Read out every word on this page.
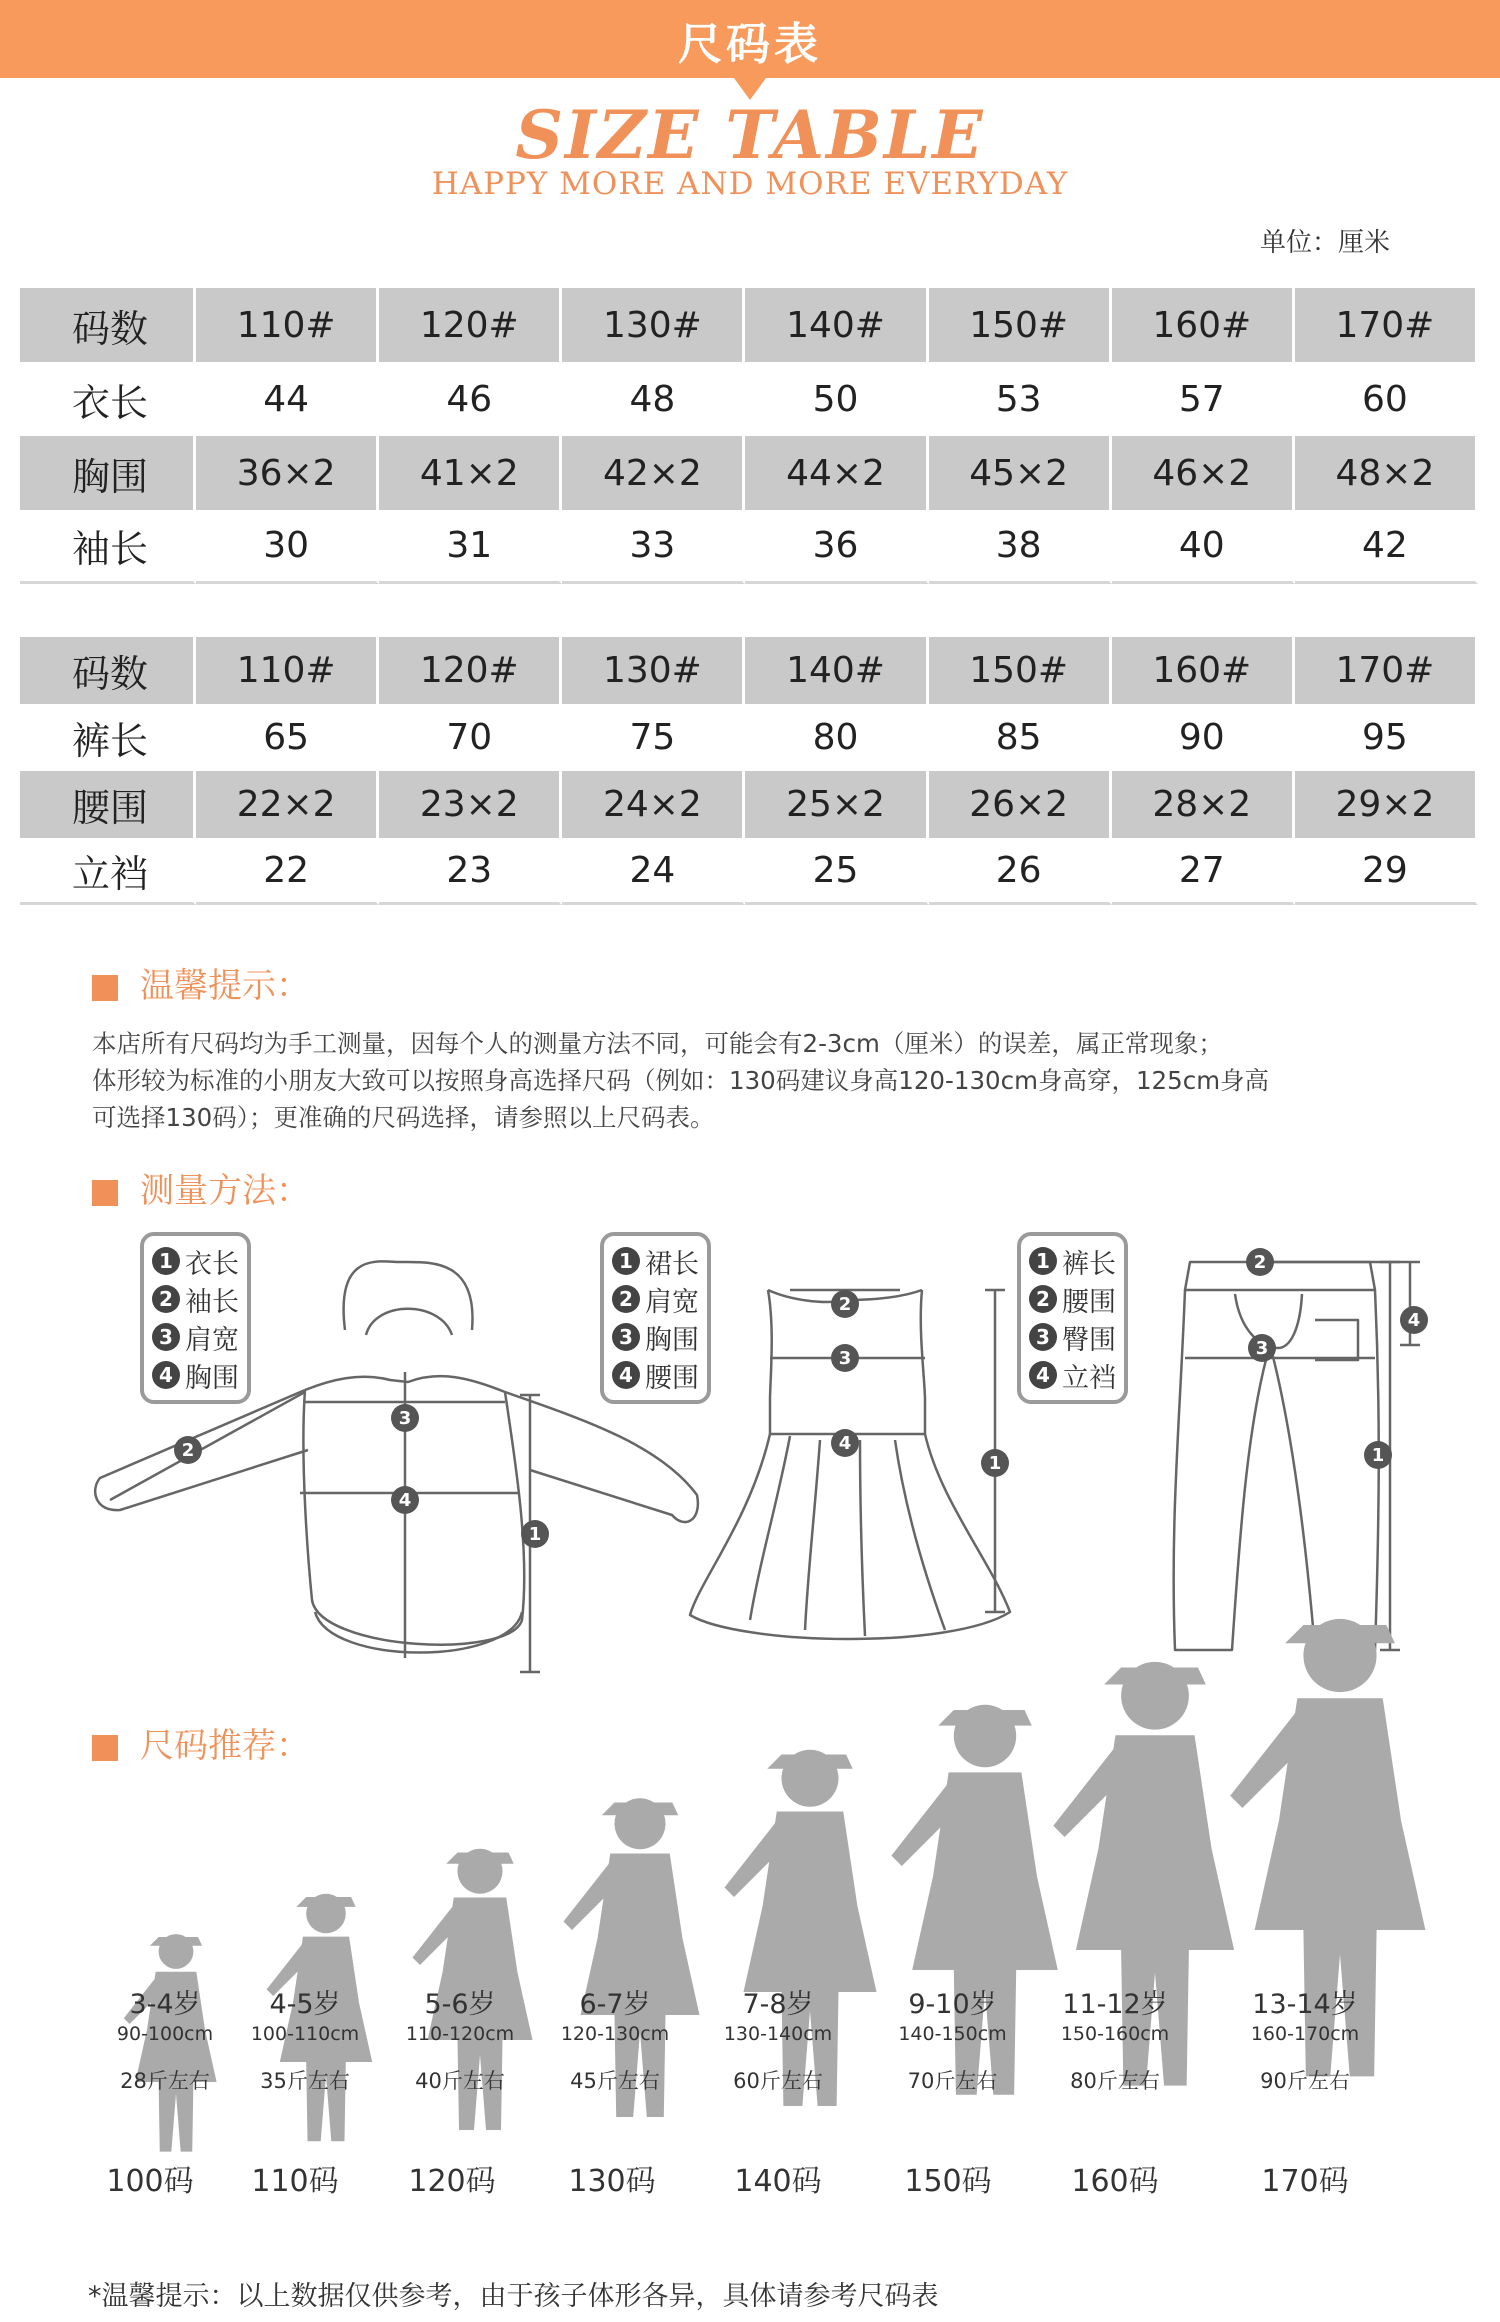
尺码表
SIZE TABLE
HAPPY MORE AND MORE EVERYDAY
单位：厘米
码数	110#	120#	130#	140#	150#	160#	170#
衣长	44	46	48	50	53	57	60
胸围	36×2	41×2	42×2	44×2	45×2	46×2	48×2
袖长	30	31	33	36	38	40	42
码数	110#	120#	130#	140#	150#	160#	170#
裤长	65	70	75	80	85	90	95
腰围	22×2	23×2	24×2	25×2	26×2	28×2	29×2
立裆	22	23	24	25	26	27	29
温馨提示：

本店所有尺码均为手工测量，因每个人的测量方法不同，可能会有2-3cm（厘米）的误差，属正常现象；

体形较为标准的小朋友大致可以按照身高选择尺码（例如：130码建议身高120-130cm身高穿，125cm身高

可选择130码）；更准确的尺码选择，请参照以上尺码表。

测量方法：
1
2
3
4
1
2
3
4
1
2
3
4
1 衣长
2 袖长
3 肩宽
4 胸围
1 裙长
2 肩宽
3 胸围
4 腰围
1 裤长
2 腰围
3 臀围
4 立裆
尺码推荐：
3-4岁
90-100cm
28斤左右
4-5岁
100-110cm
35斤左右
5-6岁
110-120cm
40斤左右
6-7岁
120-130cm
45斤左右
7-8岁
130-140cm
60斤左右
9-10岁
140-150cm
70斤左右
11-12岁
150-160cm
80斤左右
13-14岁
160-170cm
90斤左右
100码 110码 120码 130码	140码	150码	160码	170码
*温馨提示：以上数据仅供参考，由于孩子体形各异，具体请参考尺码表
